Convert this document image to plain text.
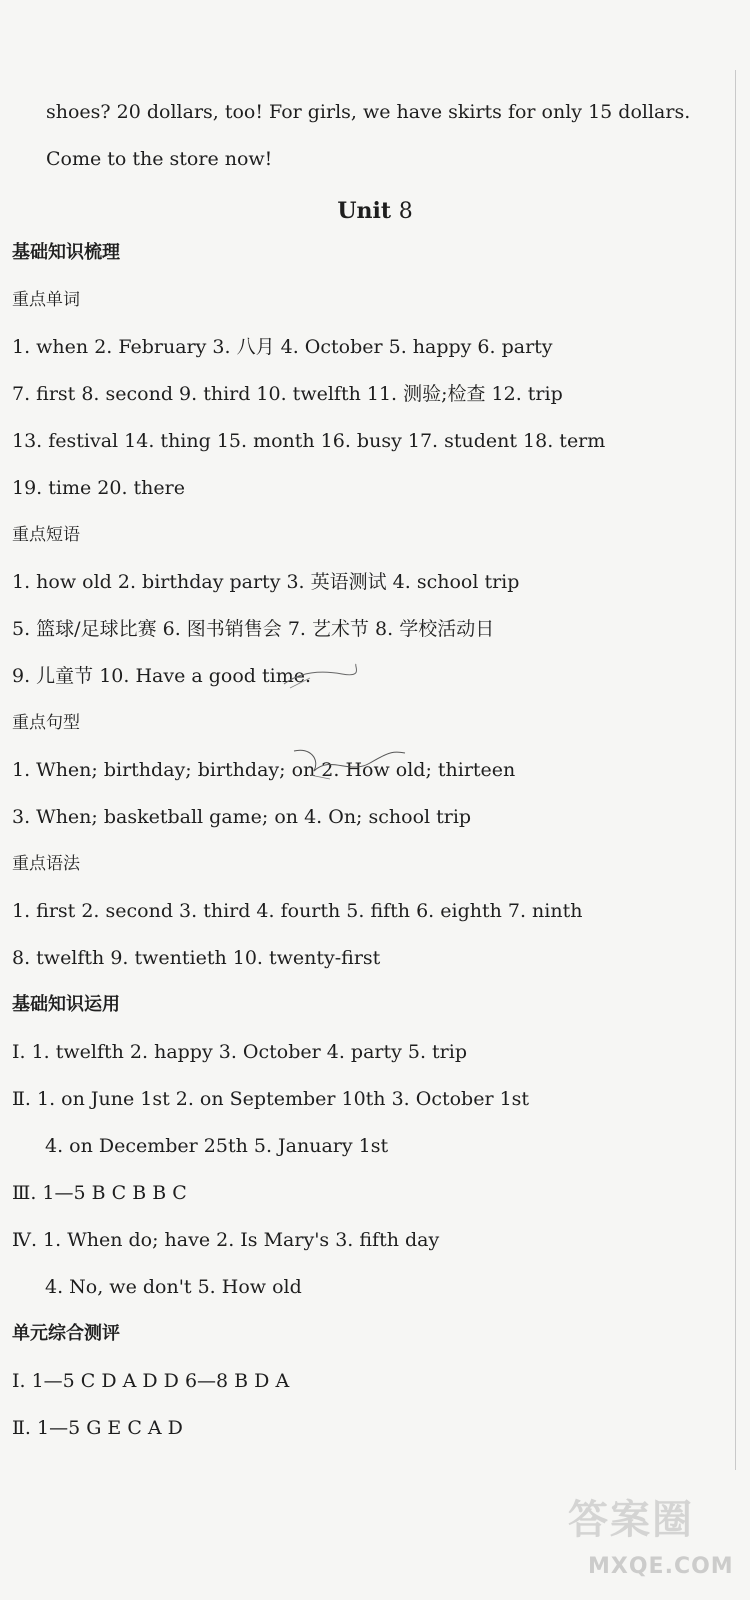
shoes? 20 dollars, too! For girls, we have skirts for only 15 dollars.
Come to the store now!
Unit 8
基础知识梳理
重点单词
1. when 2. February 3. 八月 4. October 5. happy 6. party
7. first 8. second 9. third 10. twelfth 11. 测验;检查 12. trip
13. festival 14. thing 15. month 16. busy 17. student 18. term
19. time 20. there
重点短语
1. how old 2. birthday party 3. 英语测试 4. school trip
5. 篮球/足球比赛 6. 图书销售会 7. 艺术节 8. 学校活动日
9. 儿童节 10. Have a good time.
重点句型
1. When; birthday; birthday; on 2. How old; thirteen
3. When; basketball game; on 4. On; school trip
重点语法
1. first 2. second 3. third 4. fourth 5. fifth 6. eighth 7. ninth
8. twelfth 9. twentieth 10. twenty-first
基础知识运用
Ⅰ. 1. twelfth 2. happy 3. October 4. party 5. trip
Ⅱ. 1. on June 1st 2. on September 10th 3. October 1st
4. on December 25th 5. January 1st
Ⅲ. 1—5 B C B B C
Ⅳ. 1. When do; have 2. Is Mary's 3. fifth day
4. No, we don't 5. How old
单元综合测评
Ⅰ. 1—5 C D A D D 6—8 B D A
Ⅱ. 1—5 G E C A D
答案圈
MXQE.COM
